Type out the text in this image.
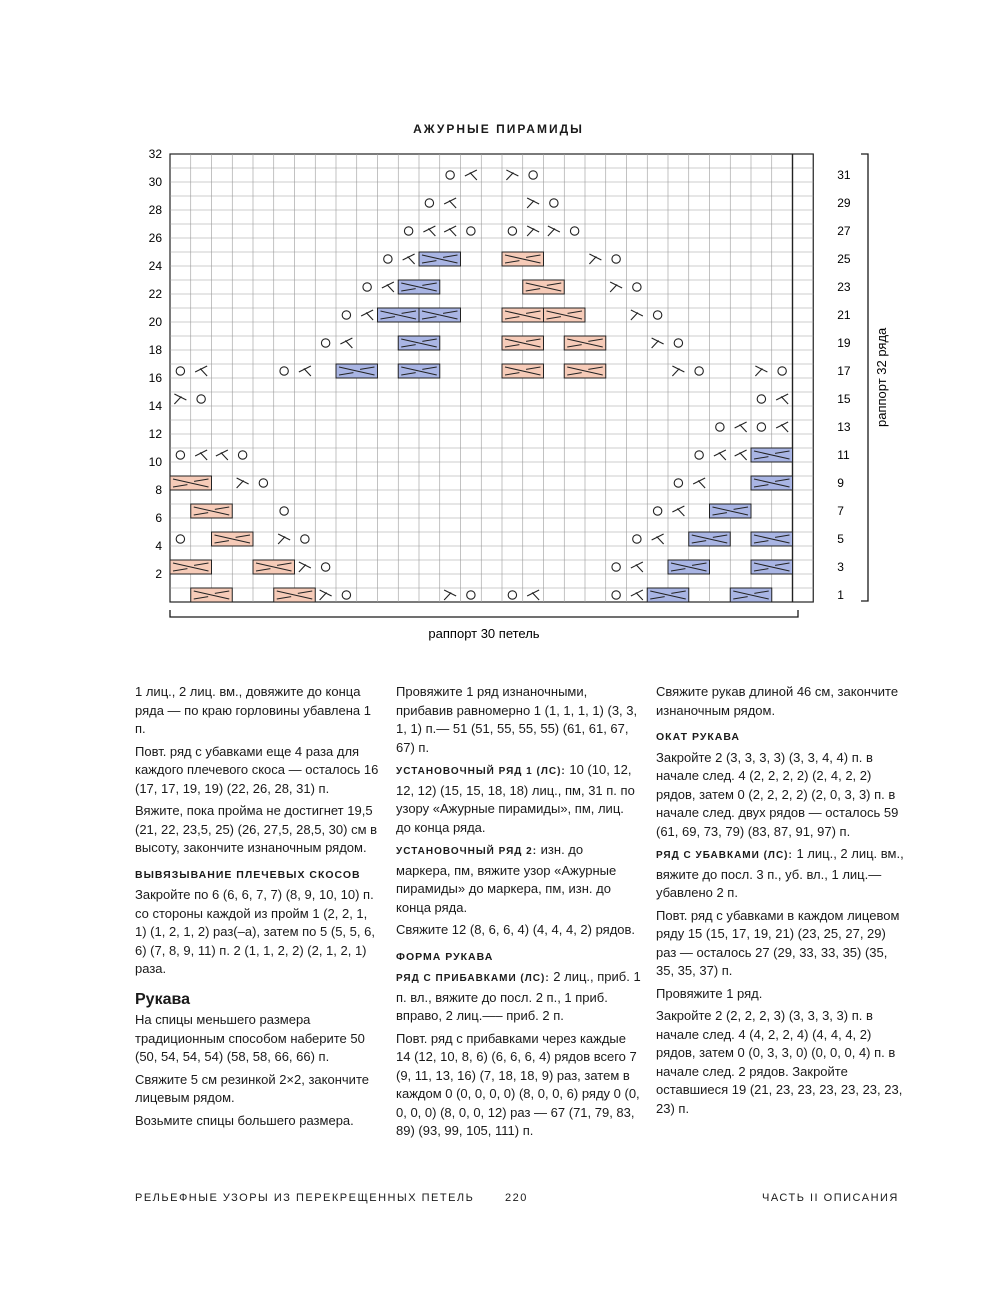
АЖУРНЫЕ ПИРАМИДЫ
2
4
6
8
10
12
14
16
18
20
22
24
26
28
30
32
1
3
5
7
9
11
13
15
17
19
21
23
25
27
29
31
раппорт 32 ряда
раппорт 30 петель

1 лиц., 2 лиц. вм., довяжите до конца ряда — по краю горловины убавлена 1 п.

Повт. ряд с убавками еще 4 раза для каждого плечевого скоса — осталось 16 (17, 17, 19, 19) (22, 26, 28, 31) п.

Вяжите, пока пройма не достигнет 19,5 (21, 22, 23,5, 25) (26, 27,5, 28,5, 30) см в высоту, закончите изнаночным рядом.

ВЫВЯЗЫВАНИЕ ПЛЕЧЕВЫХ СКОСОВ

Закройте по 6 (6, 6, 7, 7) (8, 9, 10, 10) п. со стороны каждой из пройм 1 (2, 2, 1, 1) (1, 2, 1, 2) раз(–а), затем по 5 (5, 5, 6, 6) (7, 8, 9, 11) п. 2 (1, 1, 2, 2) (2, 1, 2, 1) раза.

Рукава

На спицы меньшего размера традиционным способом наберите 50 (50, 54, 54, 54) (58, 58, 66, 66) п.

Свяжите 5 см резинкой 2×2, закончите лицевым рядом.

Возьмите спицы большего размера.

Провяжите 1 ряд изнаночными, прибавив равномерно 1 (1, 1, 1, 1) (3, 3, 1, 1) п.— 51 (51, 55, 55, 55) (61, 61, 67, 67) п.

УСТАНОВОЧНЫЙ РЯД 1 (ЛС): 10 (10, 12, 12, 12) (15, 15, 18, 18) лиц., пм, 31 п. по узору «Ажурные пирамиды», пм, лиц. до конца ряда.

УСТАНОВОЧНЫЙ РЯД 2: изн. до маркера, пм, вяжите узор «Ажурные пирамиды» до маркера, пм, изн. до конца ряда.

Свяжите 12 (8, 6, 6, 4) (4, 4, 4, 2) рядов.

ФОРМА РУКАВА

РЯД С ПРИБАВКАМИ (ЛС): 2 лиц., приб. 1 п. вл., вяжите до посл. 2 п., 1 приб. вправо, 2 лиц.—– приб. 2 п.

Повт. ряд с прибавками через каждые 14 (12, 10, 8, 6) (6, 6, 6, 4) рядов всего 7 (9, 11, 13, 16) (7, 18, 18, 9) раз, затем в каждом 0 (0, 0, 0, 0) (8, 0, 0, 6) ряду 0 (0, 0, 0, 0) (8, 0, 0, 12) раз — 67 (71, 79, 83, 89) (93, 99, 105, 111) п.

Свяжите рукав длиной 46 см, закончите изнаночным рядом.

ОКАТ РУКАВА

Закройте 2 (3, 3, 3, 3) (3, 3, 4, 4) п. в начале след. 4 (2, 2, 2, 2) (2, 4, 2, 2) рядов, затем 0 (2, 2, 2, 2) (2, 0, 3, 3) п. в начале след. двух рядов — осталось 59 (61, 69, 73, 79) (83, 87, 91, 97) п.

РЯД С УБАВКАМИ (ЛС): 1 лиц., 2 лиц. вм., вяжите до посл. 3 п., уб. вл., 1 лиц.—убавлено 2 п.

Повт. ряд с убавками в каждом лицевом ряду 15 (15, 17, 19, 21) (23, 25, 27, 29) раз — осталось 27 (29, 33, 33, 35) (35, 35, 35, 37) п.

Провяжите 1 ряд.

Закройте 2 (2, 2, 2, 3) (3, 3, 3, 3) п. в начале след. 4 (4, 2, 2, 4) (4, 4, 4, 2) рядов, затем 0 (0, 3, 3, 0) (0, 0, 0, 4) п. в начале след. 2 рядов. Закройте оставшиеся 19 (21, 23, 23, 23, 23, 23, 23, 23) п.

РЕЛЬЕФНЫЕ УЗОРЫ ИЗ ПЕРЕКРЕЩЕННЫХ ПЕТЕЛЬ	220	ЧАСТЬ II ОПИСАНИЯ
